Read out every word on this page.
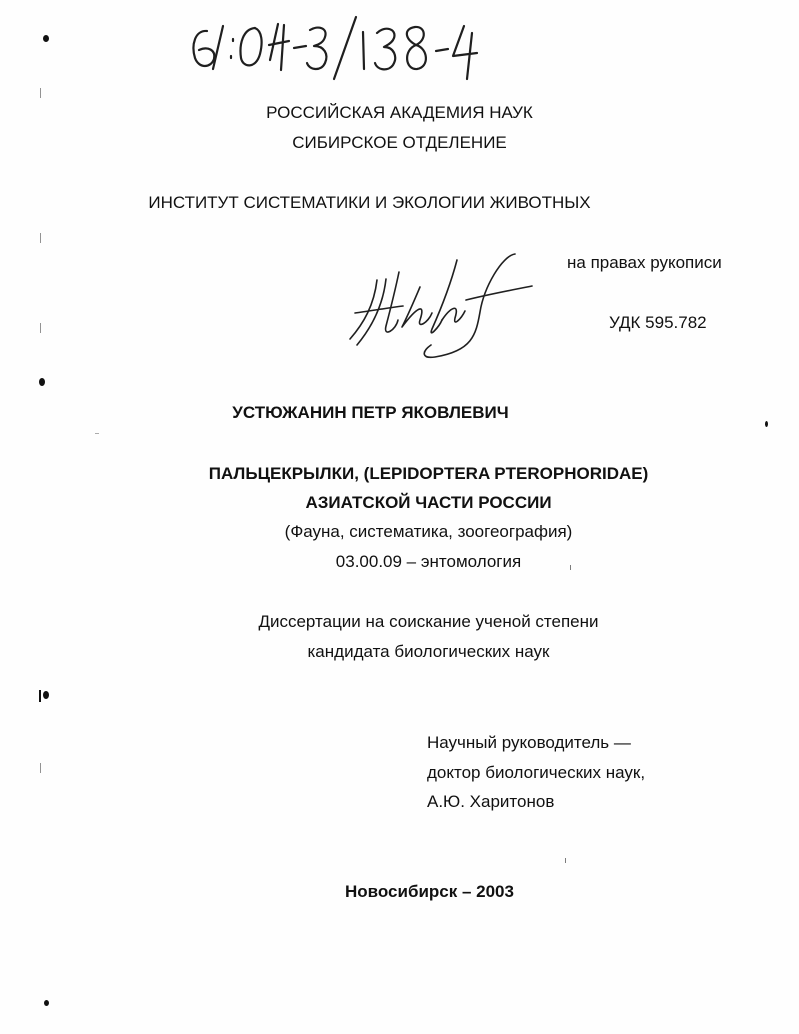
РОССИЙСКАЯ АКАДЕМИЯ НАУК
СИБИРСКОЕ ОТДЕЛЕНИЕ
ИНСТИТУТ СИСТЕМАТИКИ И ЭКОЛОГИИ ЖИВОТНЫХ
на правах рукописи
УДК 595.782
УСТЮЖАНИН ПЕТР ЯКОВЛЕВИЧ
ПАЛЬЦЕКРЫЛКИ, (LEPIDOPTERA PTEROPHORIDAE)
АЗИАТСКОЙ ЧАСТИ РОССИИ
(Фауна, систематика, зоогеография)
03.00.09 – энтомология
Диссертации на соискание ученой степени
кандидата биологических наук
Научный руководитель —
доктор биологических наук,
А.Ю. Харитонов
Новосибирск – 2003
